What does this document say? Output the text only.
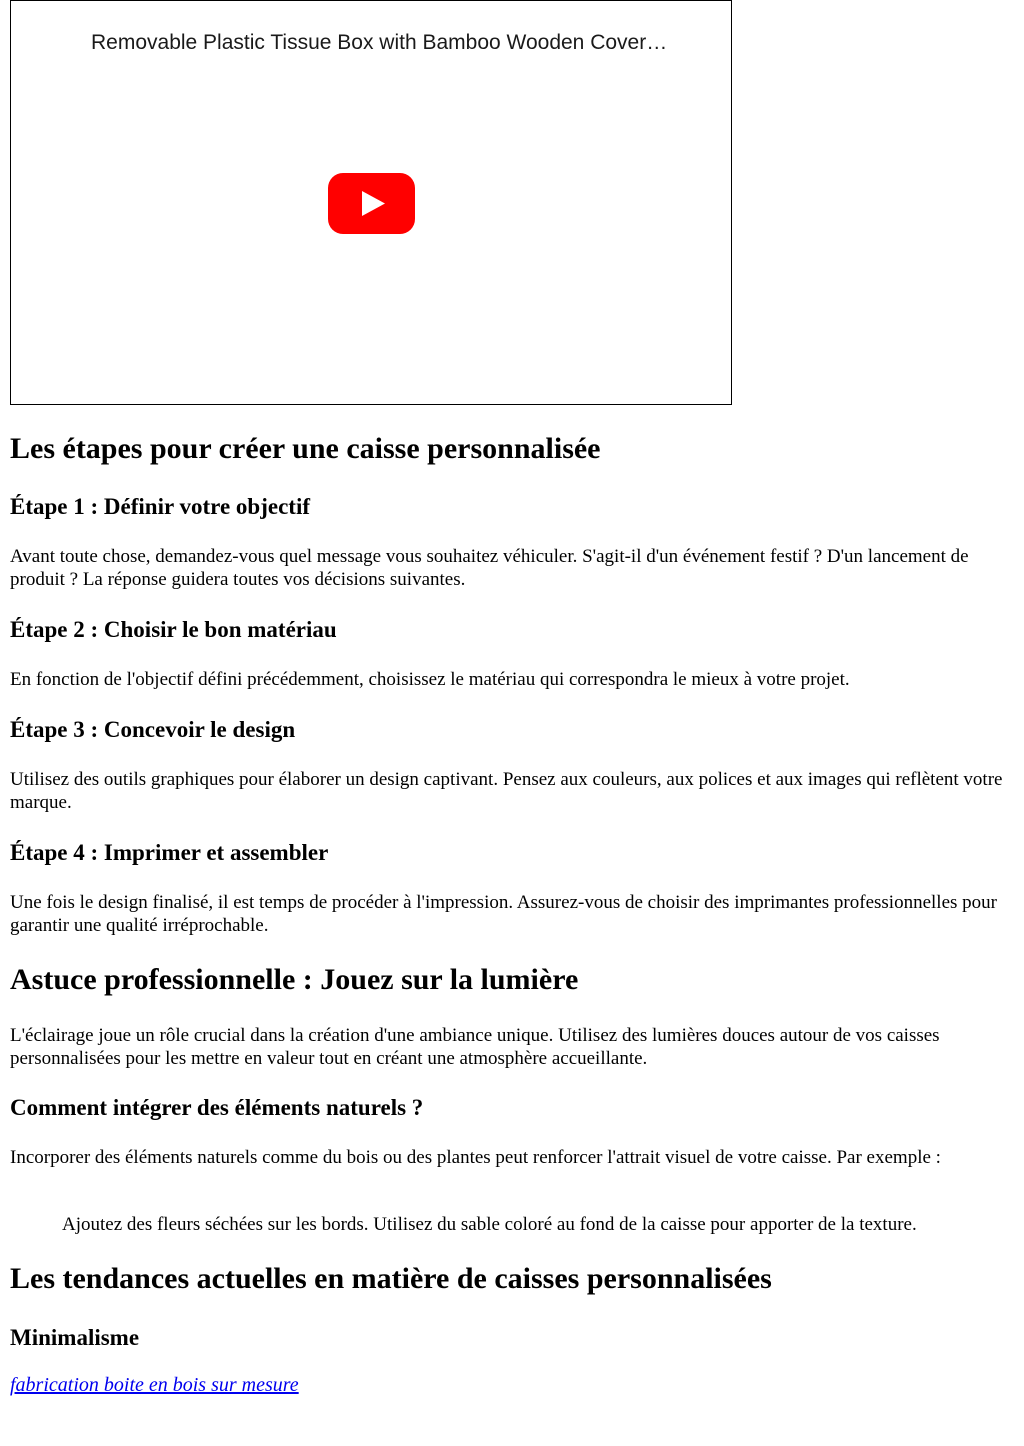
Removable Plastic Tissue Box with Bamboo Wooden Cover…
Les étapes pour créer une caisse personnalisée
Étape 1 : Définir votre objectif

Avant toute chose, demandez-vous quel message vous souhaitez véhiculer. S'agit-il d'un événement festif ? D'un lancement de produit ? La réponse guidera toutes vos décisions suivantes.

Étape 2 : Choisir le bon matériau

En fonction de l'objectif défini précédemment, choisissez le matériau qui correspondra le mieux à votre projet.

Étape 3 : Concevoir le design

Utilisez des outils graphiques pour élaborer un design captivant. Pensez aux couleurs, aux polices et aux images qui reflètent votre marque.

Étape 4 : Imprimer et assembler

Une fois le design finalisé, il est temps de procéder à l'impression. Assurez-vous de choisir des imprimantes professionnelles pour garantir une qualité irréprochable.

Astuce professionnelle : Jouez sur la lumière

L'éclairage joue un rôle crucial dans la création d'une ambiance unique. Utilisez des lumières douces autour de vos caisses personnalisées pour les mettre en valeur tout en créant une atmosphère accueillante.

Comment intégrer des éléments naturels ?

Incorporer des éléments naturels comme du bois ou des plantes peut renforcer l'attrait visuel de votre caisse. Par exemple :

Ajoutez des fleurs séchées sur les bords. Utilisez du sable coloré au fond de la caisse pour apporter de la texture.
Les tendances actuelles en matière de caisses personnalisées
Minimalisme
fabrication boite en bois sur mesure
